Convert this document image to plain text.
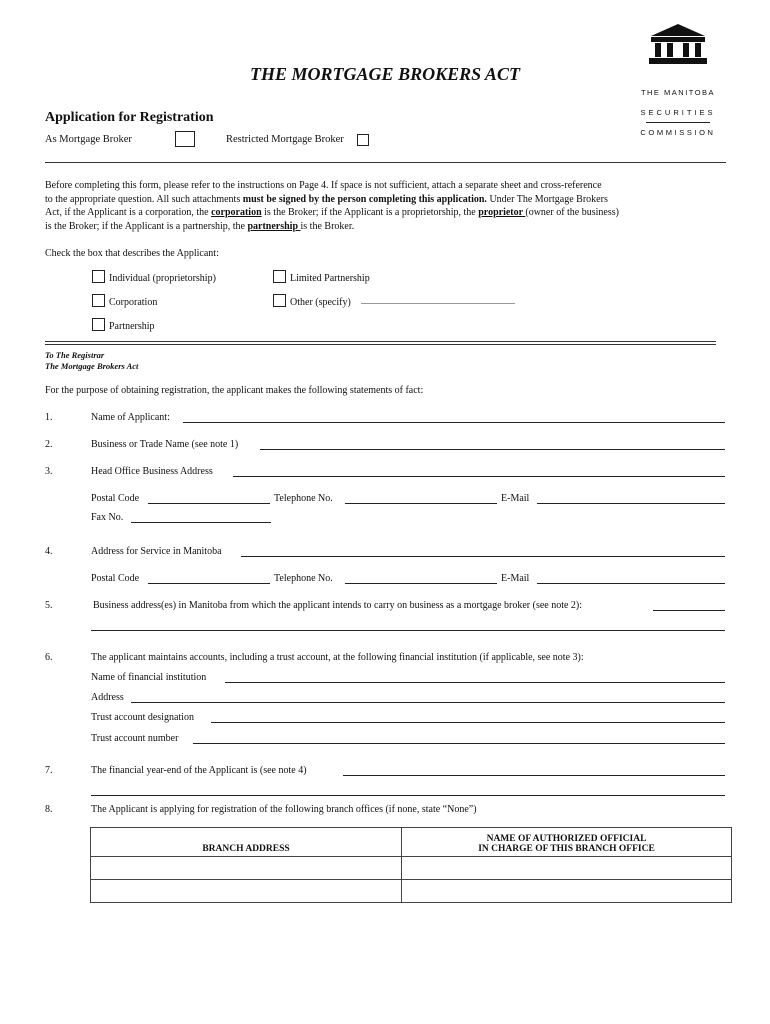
THE MANITOBA
SECURITIES
COMMISSION
THE MORTGAGE BROKERS ACT
Application for Registration
As Mortgage Broker	Restricted Mortgage Broker
Before completing this form, please refer to the instructions on Page 4. If space is not sufficient, attach a separate sheet and cross-reference
to the appropriate question. All such attachments must be signed by the person completing this application. Under The Mortgage Brokers
Act, if the Applicant is a corporation, the corporation is the Broker; if the Applicant is a proprietorship, the proprietor (owner of the business)
is the Broker; if the Applicant is a partnership, the partnership is the Broker.
Check the box that describes the Applicant:
Individual (proprietorship)	Limited Partnership
Corporation	Other (specify)
Partnership
To The Registrar
The Mortgage Brokers Act
For the purpose of obtaining registration, the applicant makes the following statements of fact:
1.	Name of Applicant:
2.	Business or Trade Name (see note 1)
3.	Head Office Business Address
Postal Code	Telephone No.	E-Mail
Fax No.
4.	Address for Service in Manitoba
Postal Code	Telephone No.	E-Mail
5.	Business address(es) in Manitoba from which the applicant intends to carry on business as a mortgage broker (see note 2):
6.	The applicant maintains accounts, including a trust account, at the following financial institution (if applicable, see note 3):
Name of financial institution
Address
Trust account designation
Trust account number
7.	The financial year-end of the Applicant is (see note 4)
8.	The Applicant is applying for registration of the following branch offices (if none, state “None”)
BRANCH ADDRESS	NAME OF AUTHORIZED OFFICIAL
IN CHARGE OF THIS BRANCH OFFICE
